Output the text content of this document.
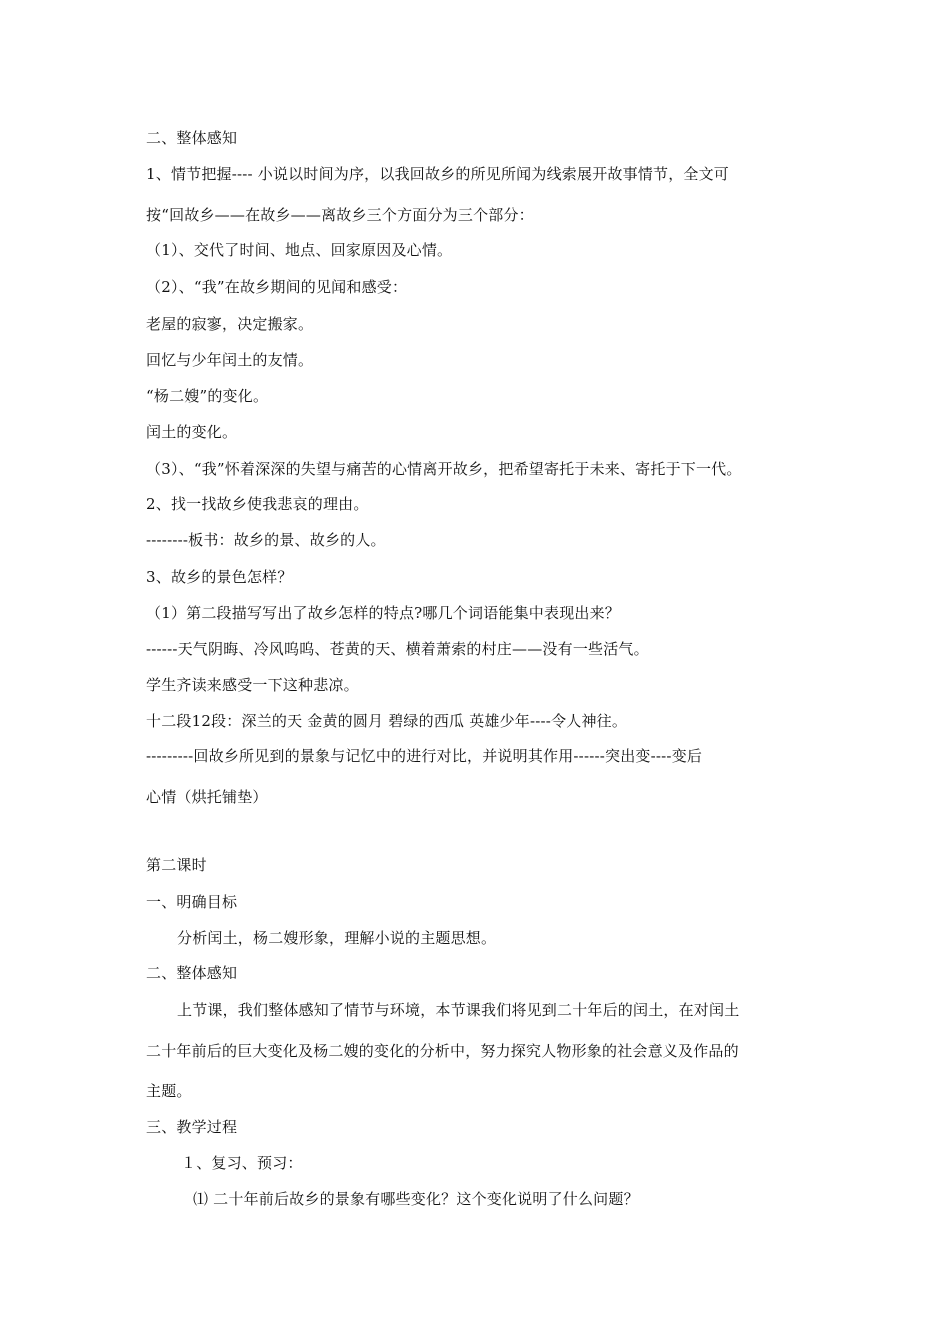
二、整体感知
1、情节把握---- 小说以时间为序，以我回故乡的所见所闻为线索展开故事情节，全文可
按“回故乡——在故乡——离故乡三个方面分为三个部分：
（1）、交代了时间、地点、回家原因及心情。
（2）、“我”在故乡期间的见闻和感受：
老屋的寂寥，决定搬家。
回忆与少年闰土的友情。
“杨二嫂”的变化。
闰土的变化。
（3）、“我”怀着深深的失望与痛苦的心情离开故乡，把希望寄托于未来、寄托于下一代。
2、找一找故乡使我悲哀的理由。
--------板书：故乡的景、故乡的人。
3、故乡的景色怎样？
（1）第二段描写写出了故乡怎样的特点?哪几个词语能集中表现出来？
------天气阴晦、冷风呜呜、苍黄的天、横着萧索的村庄——没有一些活气。
学生齐读来感受一下这种悲凉。
十二段12段：深兰的天 金黄的圆月 碧绿的西瓜 英雄少年----令人神往。
---------回故乡所见到的景象与记忆中的进行对比，并说明其作用------突出变----变后
心情（烘托铺垫）
第二课时
一、明确目标
分析闰土，杨二嫂形象，理解小说的主题思想。
二、整体感知
上节课，我们整体感知了情节与环境，本节课我们将见到二十年后的闰土，在对闰土
二十年前后的巨大变化及杨二嫂的变化的分析中，努力探究人物形象的社会意义及作品的
主题。
三、教学过程
１、复习、预习：
⑴ 二十年前后故乡的景象有哪些变化？这个变化说明了什么问题？
